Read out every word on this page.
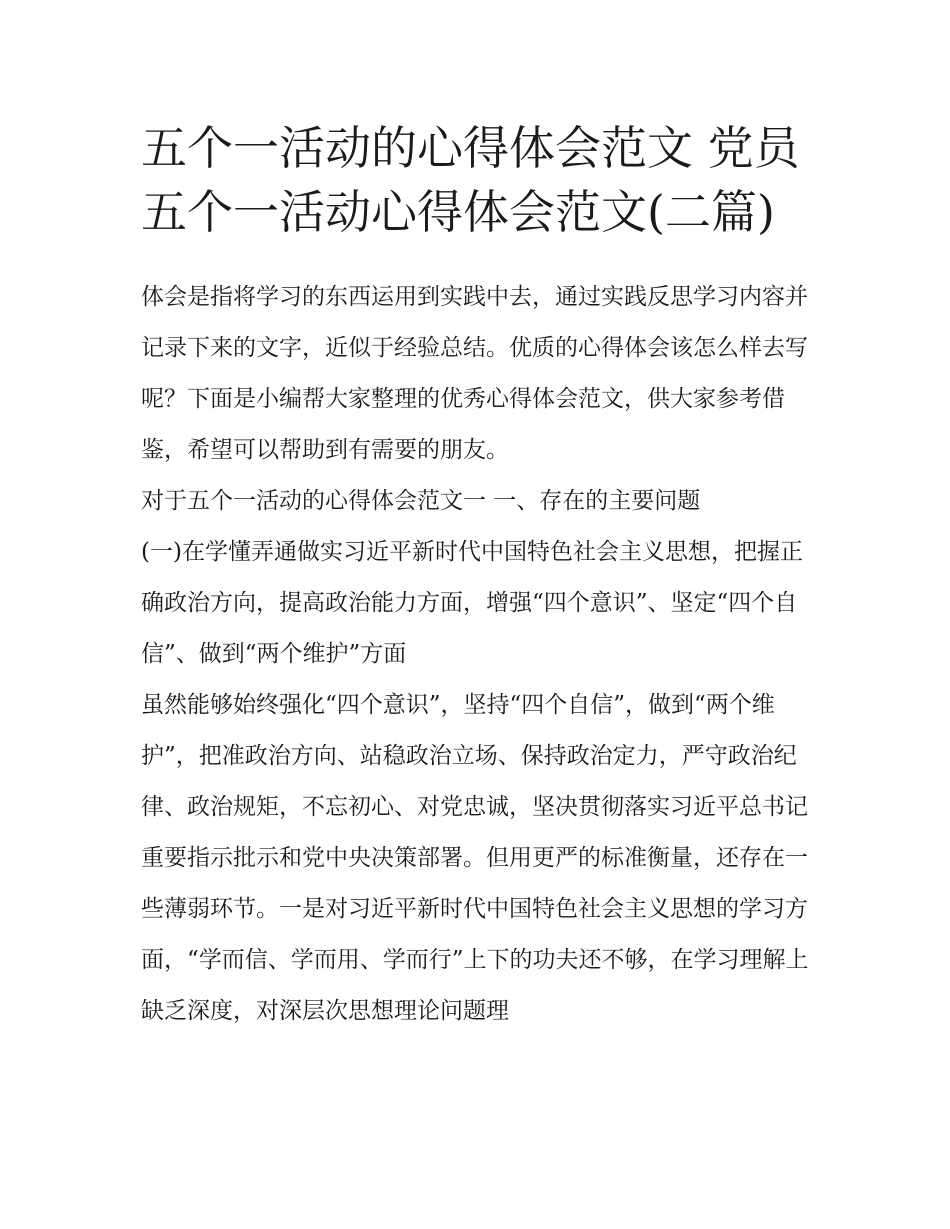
五个一活动的心得体会范文 党员五个一活动心得体会范文(二篇)

体会是指将学习的东西运用到实践中去，通过实践反思学习内容并记录下来的文字，近似于经验总结。优质的心得体会该怎么样去写呢？下面是小编帮大家整理的优秀心得体会范文，供大家参考借鉴，希望可以帮助到有需要的朋友。

对于五个一活动的心得体会范文一 一、存在的主要问题

(一)在学懂弄通做实习近平新时代中国特色社会主义思想，把握正确政治方向，提高政治能力方面，增强“四个意识”、坚定“四个自信”、做到“两个维护”方面

虽然能够始终强化“四个意识”，坚持“四个自信”，做到“两个维护”，把准政治方向、站稳政治立场、保持政治定力，严守政治纪律、政治规矩，不忘初心、对党忠诚，坚决贯彻落实习近平总书记重要指示批示和党中央决策部署。但用更严的标准衡量，还存在一些薄弱环节。一是对习近平新时代中国特色社会主义思想的学习方面，“学而信、学而用、学而行”上下的功夫还不够，在学习理解上缺乏深度，对深层次思想理论问题理
